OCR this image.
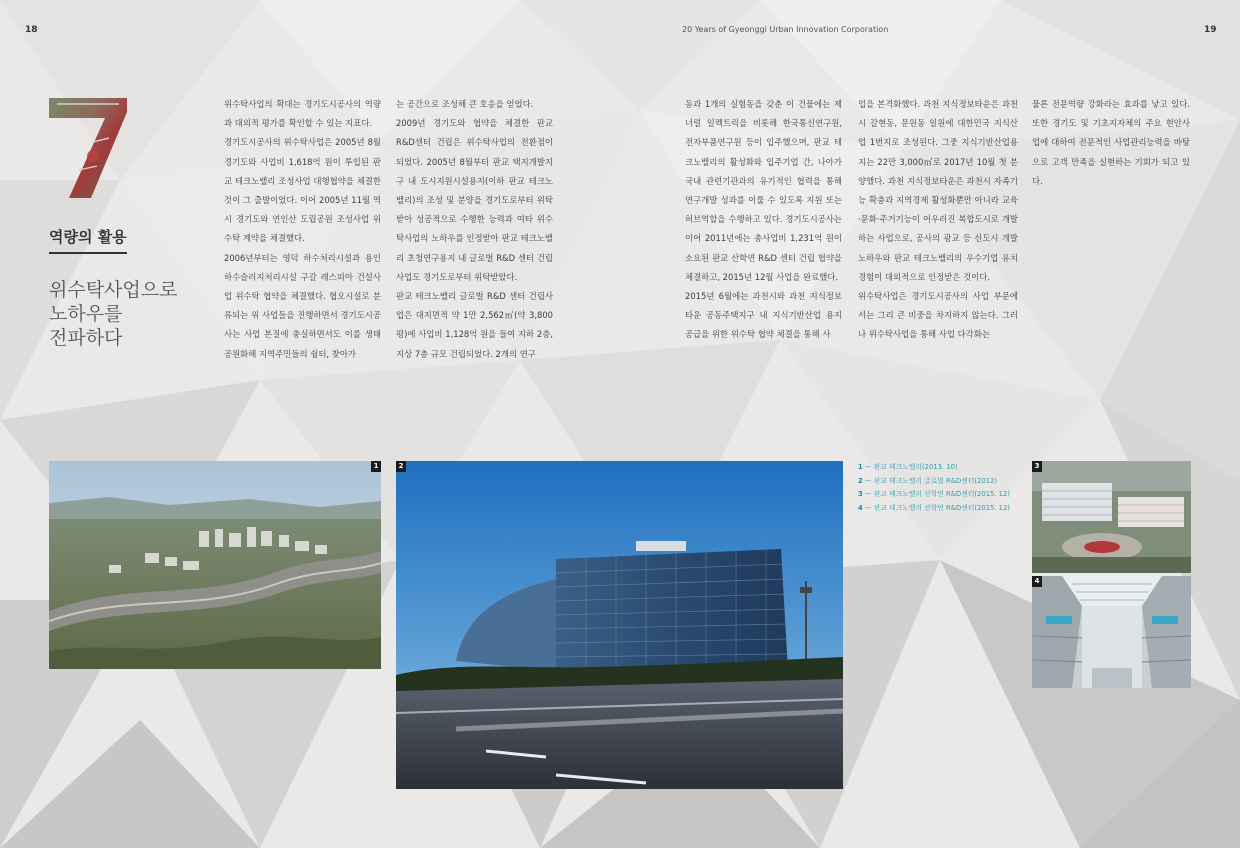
18	20 Years of Gyeonggi Urban Innovation Corporation	19
역량의 활용
위수탁사업으로
노하우를
전파하다

위수탁사업의 확대는 경기도시공사의 역량과 대외적 평가를 확인할 수 있는 지표다.

경기도시공사의 위수탁사업은 2005년 8월 경기도와 사업비 1,618억 원이 투입된 판교 테크노밸리 조성사업 대행협약을 체결한 것이 그 출발이었다. 이어 2005년 11월 역시 경기도와 연인산 도립공원 조성사업 위수탁 계약을 체결했다.

2006년부터는 영덕 하수처리시설과 용인하수슬러지처리시설 구갈 레스피아 건설사업 위수탁 협약을 체결했다. 협오시설로 분류되는 위 사업들을 진행하면서 경기도시공사는 사업 본질에 충실하면서도 이를 생태공원화해 지역주민들의 쉼터, 찾아가

는 공간으로 조성해 큰 호응을 얻었다.

2009년 경기도와 협약을 체결한 판교 R&D센터 건립은 위수탁사업의 전환점이 되었다. 2005년 8월부터 판교 택지개발지구 내 도시지원시설용지(이하 판교 테크노밸리)의 조성 및 분양을 경기도로부터 위탁받아 성공적으로 수행한 능력과 여타 위수탁사업의 노하우를 인정받아 판교 테크노밸리 초청연구용지 내 글로벌 R&D 센터 건립사업도 경기도로부터 위탁받았다.

판교 테크노밸리 글로벌 R&D 센터 건립사업은 대지면적 약 1만 2,562㎡(약 3,800평)에 사업비 1,128억 원을 들여 지하 2층, 지상 7층 규모 건립되었다. 2개의 연구

동과 1개의 실험동을 갖춘 이 건물에는 제너럴 일렉트릭을 비롯해 한국통신연구원, 전자부품연구원 등이 입주했으며, 판교 테크노밸리의 활성화와 입주기업 간, 나아가 국내 관련기관과의 유기적인 협력을 통해 연구개발 성과를 이룰 수 있도록 지원 또는 허브역할을 수행하고 있다. 경기도시공사는 이어 2011년에는 총사업비 1,231억 원이 소요된 판교 산학연 R&D 센터 건립 협약을 체결하고, 2015년 12월 사업을 완료했다.

2015년 6월에는 과천시와 과천 지식정보타운 공동주택지구 내 지식기반산업 용지 공급을 위한 위수탁 협약 체결을 통해 사

업을 본격화했다. 과천 지식정보타운은 과천시 갈현동, 문원동 일원에 대한민국 지식산업 1번지로 조성된다. 그중 지식기반산업용지는 22만 3,000㎡로 2017년 10월 첫 분양했다. 과천 지식정보타운은 과천시 자족기능 확충과 지역경제 활성화뿐만 아니라 교육·문화·주거기능이 어우러진 복합도시로 개발하는 사업으로, 공사의 광교 등 신도시 개발 노하우와 판교 테크노밸리의 우수기업 유치 경험이 대외적으로 인정받은 것이다.

위수탁사업은 경기도시공사의 사업 부문에서는 그리 큰 비중을 차지하지 않는다. 그러나 위수탁사업을 통해 사업 다각화는

물론 전문역량 강화라는 효과를 낳고 있다. 또한 경기도 및 기초지자체의 주요 현안사업에 대하여 전문적인 사업관리능력을 바탕으로 고객 만족을 실현하는 기회가 되고 있다.

1	2	1 — 판교 테크노밸리(2013. 10)
2 — 판교 테크노밸리 글로벌 R&D센터(2012)
3 — 판교 테크노밸리 산학연 R&D센터(2015. 12)
4 — 판교 테크노밸리 산학연 R&D센터(2015. 12)
3
4
